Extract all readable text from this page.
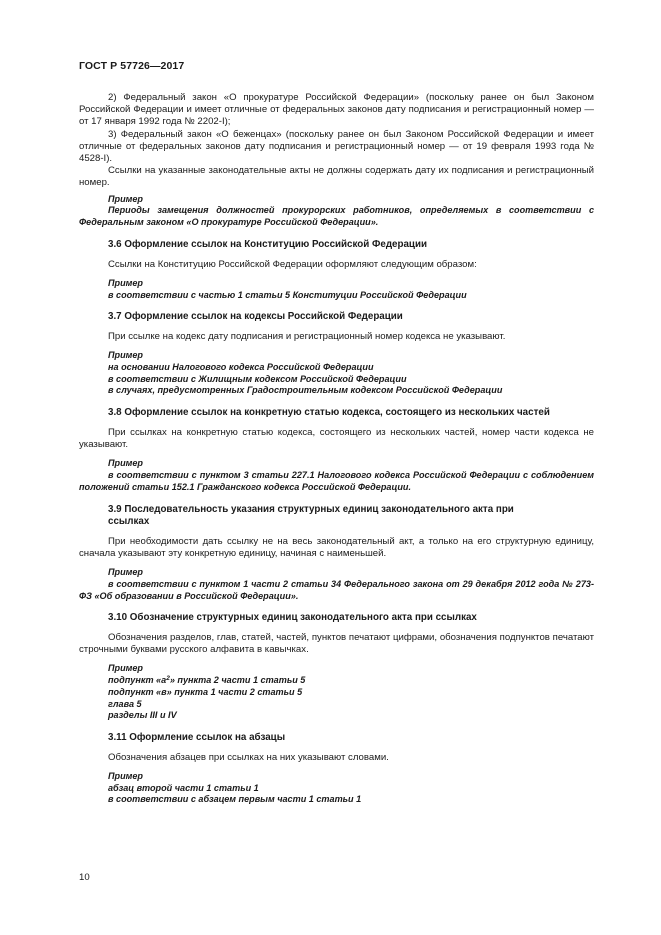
ГОСТ Р 57726—2017

2) Федеральный закон «О прокуратуре Российской Федерации» (поскольку ранее он был Законом Российской Федерации и имеет отличные от федеральных законов дату подписания и регистрационный номер — от 17 января 1992 года № 2202-I);

3) Федеральный закон «О беженцах» (поскольку ранее он был Законом Российской Федерации и имеет отличные от федеральных законов дату подписания и регистрационный номер — от 19 февраля 1993 года № 4528-I).

Ссылки на указанные законодательные акты не должны содержать дату их подписания и регистрационный номер.

Пример

Периоды замещения должностей прокурорских работников, определяемых в соответствии с Федеральным законом «О прокуратуре Российской Федерации».

3.6 Оформление ссылок на Конституцию Российской Федерации

Ссылки на Конституцию Российской Федерации оформляют следующим образом:

Пример

в соответствии с частью 1 статьи 5 Конституции Российской Федерации

3.7 Оформление ссылок на кодексы Российской Федерации

При ссылке на кодекс дату подписания и регистрационный номер кодекса не указывают.

Пример

на основании Налогового кодекса Российской Федерации

в соответствии с Жилищным кодексом Российской Федерации

в случаях, предусмотренных Градостроительным кодексом Российской Федерации

3.8 Оформление ссылок на конкретную статью кодекса, состоящего из нескольких частей

При ссылках на конкретную статью кодекса, состоящего из нескольких частей, номер части кодекса не указывают.

Пример

в соответствии с пунктом 3 статьи 227.1 Налогового кодекса Российской Федерации с соблюдением положений статьи 152.1 Гражданского кодекса Российской Федерации.

3.9 Последовательность указания структурных единиц законодательного акта при ссылках

При необходимости дать ссылку не на весь законодательный акт, а только на его структурную единицу, сначала указывают эту конкретную единицу, начиная с наименьшей.

Пример

в соответствии с пунктом 1 части 2 статьи 34 Федерального закона от 29 декабря 2012 года № 273-ФЗ «Об образовании в Российской Федерации».

3.10 Обозначение структурных единиц законодательного акта при ссылках

Обозначения разделов, глав, статей, частей, пунктов печатают цифрами, обозначения подпунктов печатают строчными буквами русского алфавита в кавычках.

Пример

подпункт «$а^2$» пункта 2 части 1 статьи 5

подпункт «в» пункта 1 части 2 статьи 5

глава 5

разделы III и IV

3.11 Оформление ссылок на абзацы

Обозначения абзацев при ссылках на них указывают словами.

Пример

абзац второй части 1 статьи 1

в соответствии с абзацем первым части 1 статьи 1

10
